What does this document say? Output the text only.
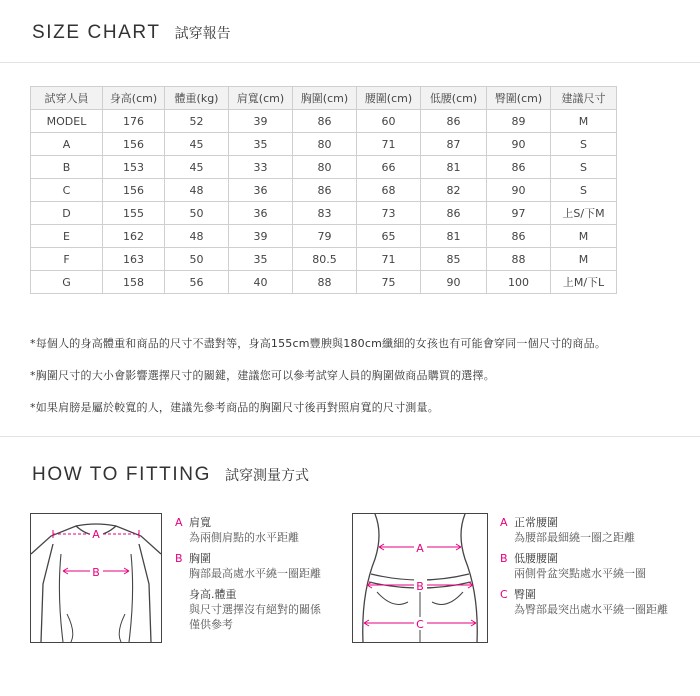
SIZE CHART 試穿報告
試穿人員	身高(cm)	體重(kg)	肩寬(cm)	胸圍(cm)	腰圍(cm)	低腰(cm)	臀圍(cm)	建議尺寸
MODEL	176	52	39	86	60	86	89	M
A	156	45	35	80	71	87	90	S
B	153	45	33	80	66	81	86	S
C	156	48	36	86	68	82	90	S
D	155	50	36	83	73	86	97	上S/下M
E	162	48	39	79	65	81	86	M
F	163	50	35	80.5	71	85	88	M
G	158	56	40	88	75	90	100	上M/下L
*每個人的身高體重和商品的尺寸不盡對等，身高155cm豐腴與180cm纖細的女孩也有可能會穿同一個尺寸的商品。
*胸圍尺寸的大小會影響選擇尺寸的關鍵，建議您可以參考試穿人員的胸圍做商品購買的選擇。
*如果肩膀是屬於較寬的人，建議先參考商品的胸圍尺寸後再對照肩寬的尺寸測量。
HOW TO FITTING 試穿測量方式
A
B
A 肩寬
為兩側肩點的水平距離
B 胸圍
胸部最高處水平繞一圈距離
身高.體重
與尺寸選擇沒有絕對的關係
僅供參考
A
B
C
A 正常腰圍
為腰部最細繞一圈之距離
B 低腰腰圍
兩側骨盆突點處水平繞一圈
C 臀圍
為臀部最突出處水平繞一圈距離
